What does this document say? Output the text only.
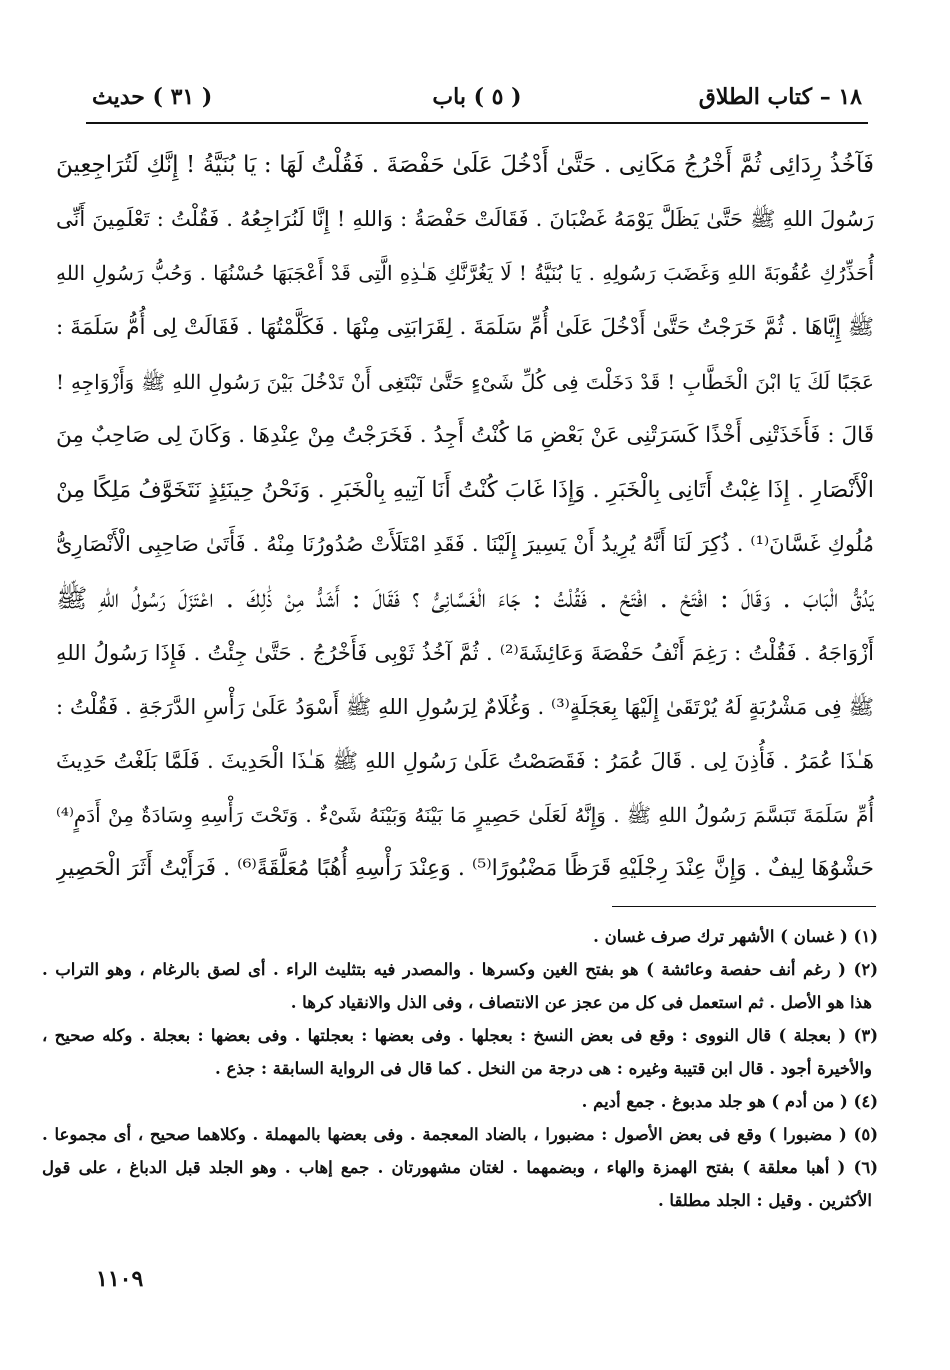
١٨ – كتاب الطلاق
( ٥ ) باب
( ٣١ ) حديث
فَآخُذُ رِدَائِى ثُمَّ أَخْرُجُ مَكَانِى . حَتَّىٰ أَدْخُلَ عَلَىٰ حَفْصَةَ . فَقُلْتُ لَهَا : يَا بُنَيَّةُ ! إِنَّكِ لَتُرَاجِعِينَ
رَسُولَ اللهِ ﷺ حَتَّىٰ يَظَلَّ يَوْمَهُ غَضْبَانَ . فَقَالَتْ حَفْصَةُ : وَاللهِ ! إِنَّا لَنُرَاجِعُهُ . فَقُلْتُ : تَعْلَمِينَ أَنِّى
أُحَذِّرُكِ عُقُوبَةَ اللهِ وَغَضَبَ رَسُولِهِ . يَا بُنَيَّةُ ! لَا يَغُرَّنَّكِ هَـٰذِهِ الَّتِى قَدْ أَعْجَبَهَا حُسْنُهَا . وَحُبُّ رَسُولِ اللهِ
ﷺ إِيَّاهَا . ثُمَّ خَرَجْتُ حَتَّىٰ أَدْخُلَ عَلَىٰ أُمِّ سَلَمَةَ . لِقَرَابَتِى مِنْهَا . فَكَلَّمْتُهَا . فَقَالَتْ لِى أُمُّ سَلَمَةَ :
عَجَبًا لَكَ يَا ابْنَ الْخَطَّابِ ! قَدْ دَخَلْتَ فِى كُلِّ شَىْءٍ حَتَّىٰ تَبْتَغِى أَنْ تَدْخُلَ بَيْنَ رَسُولِ اللهِ ﷺ وَأَزْوَاجِهِ !
قَالَ : فَأَخَذَتْنِى أَخْذًا كَسَرَتْنِى عَنْ بَعْضِ مَا كُنْتُ أَجِدُ . فَخَرَجْتُ مِنْ عِنْدِهَا . وَكَانَ لِى صَاحِبٌ مِنَ
الْأَنْصَارِ . إِذَا غِبْتُ أَتَانِى بِالْخَبَرِ . وَإِذَا غَابَ كُنْتُ أَنَا آتِيهِ بِالْخَبَرِ . وَنَحْنُ حِينَئِذٍ نَتَخَوَّفُ مَلِكًا مِنْ
مُلُوكِ غَسَّانَ⁽¹⁾ . ذُكِرَ لَنَا أَنَّهُ يُرِيدُ أَنْ يَسِيرَ إِلَيْنَا . فَقَدِ امْتَلَأَتْ صُدُورُنَا مِنْهُ . فَأَتَىٰ صَاحِبِى الْأَنْصَارِىُّ
يَدُقُّ الْبَابَ . وَقَالَ : افْتَحْ . افْتَحْ . فَقُلْتُ : جَاءَ الْغَسَّانِىُّ ؟ فَقَالَ : أَشَدُّ مِنْ ذَٰلِكَ . اعْتَزَلَ رَسُولُ اللهِ ﷺ
أَزْوَاجَهُ . فَقُلْتُ : رَغِمَ أَنْفُ حَفْصَةَ وَعَائِشَةَ⁽²⁾ . ثُمَّ آخُذُ ثَوْبِى فَأَخْرُجُ . حَتَّىٰ جِئْتُ . فَإِذَا رَسُولُ اللهِ
ﷺ فِى مَشْرُبَةٍ لَهُ يُرْتَقَىٰ إِلَيْهَا بِعَجَلَةٍ⁽³⁾ . وَغُلَامٌ لِرَسُولِ اللهِ ﷺ أَسْوَدُ عَلَىٰ رَأْسِ الدَّرَجَةِ . فَقُلْتُ :
هَـٰذَا عُمَرُ . فَأُذِنَ لِى . قَالَ عُمَرُ : فَقَصَصْتُ عَلَىٰ رَسُولِ اللهِ ﷺ هَـٰذَا الْحَدِيثَ . فَلَمَّا بَلَغْتُ حَدِيثَ
أُمِّ سَلَمَةَ تَبَسَّمَ رَسُولُ اللهِ ﷺ . وَإِنَّهُ لَعَلَىٰ حَصِيرٍ مَا بَيْنَهُ وَبَيْنَهُ شَىْءٌ . وَتَحْتَ رَأْسِهِ وِسَادَةٌ مِنْ أَدَمٍ⁽⁴⁾
حَشْوُهَا لِيفٌ . وَإِنَّ عِنْدَ رِجْلَيْهِ قَرَظًا مَضْبُورًا⁽⁵⁾ . وَعِنْدَ رَأْسِهِ أُهُبًا مُعَلَّقَةً⁽⁶⁾ . فَرَأَيْتُ أَثَرَ الْحَصِيرِ
(١) ( غسان ) الأشهر ترك صرف غسان .
(٢) ( رغم أنف حفصة وعائشة ) هو بفتح الغين وكسرها . والمصدر فيه بتثليث الراء . أى لصق بالرغام ، وهو التراب .
هذا هو الأصل . ثم استعمل فى كل من عجز عن الانتصاف ، وفى الذل والانقياد كرها .
(٣) ( بعجلة ) قال النووى : وقع فى بعض النسخ : بعجلها . وفى بعضها : بعجلتها . وفى بعضها : بعجلة . وكله صحيح ،
والأخيرة أجود . قال ابن قتيبة وغيره : هى درجة من النخل . كما قال فى الرواية السابقة : جذع .
(٤) ( من أدم ) هو جلد مدبوغ . جمع أديم .
(٥) ( مضبورا ) وقع فى بعض الأصول : مضبورا ، بالضاد المعجمة . وفى بعضها بالمهملة . وكلاهما صحيح ، أى مجموعا .
(٦) ( أهبا معلقة ) بفتح الهمزة والهاء ، وبضمهما . لغتان مشهورتان . جمع إهاب . وهو الجلد قبل الدباغ ، على قول
الأكثرين . وقيل : الجلد مطلقا .
١١٠٩
